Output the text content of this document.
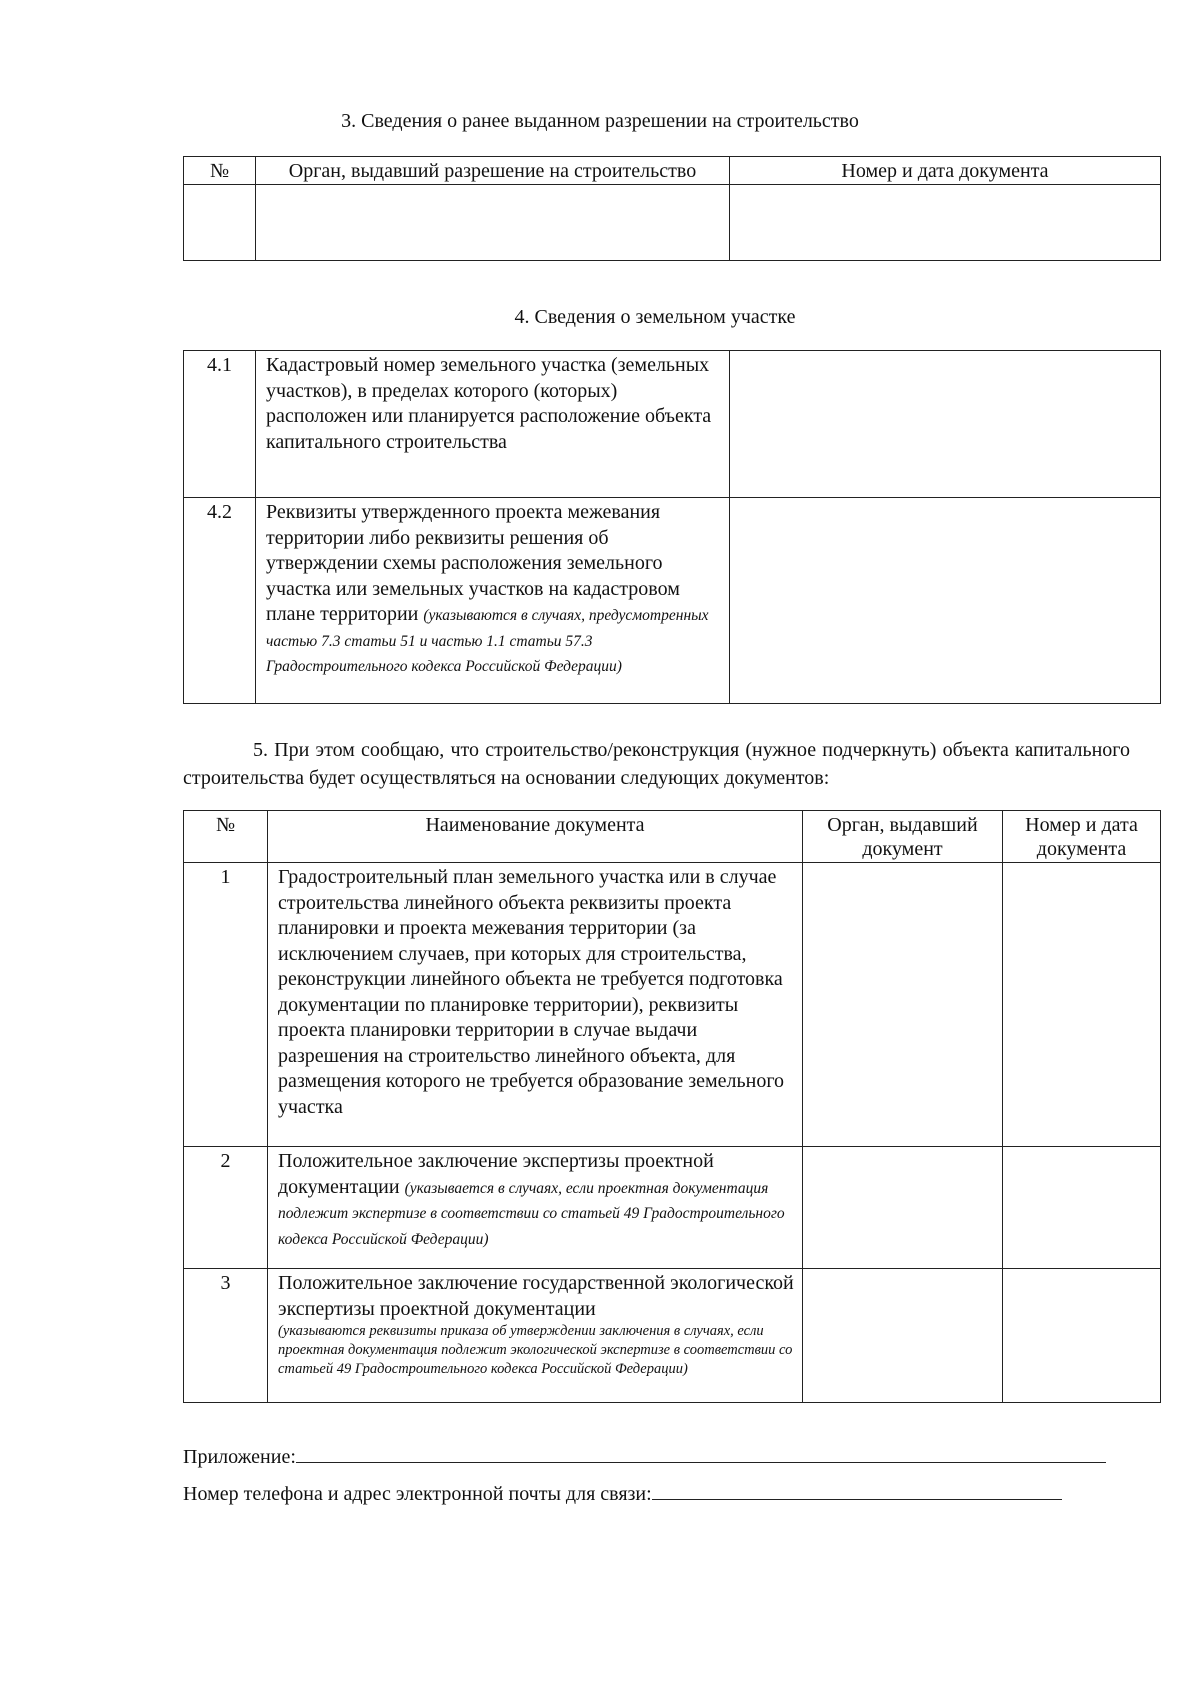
3. Сведения о ранее выданном разрешении на строительство
№	Орган, выдавший разрешение на строительство	Номер и дата документа

4. Сведения о земельном участке
4.1	Кадастровый номер земельного участка (земельных участков), в пределах которого (которых) расположен или планируется расположение объекта капитального строительства	
4.2	Реквизиты утвержденного проекта межевания территории либо реквизиты решения об утверждении схемы расположения земельного участка или земельных участков на кадастровом плане территории (указываются в случаях, предусмотренных частью 7.3 статьи 51 и частью 1.1 статьи 57.3 Градостроительного кодекса Российской Федерации)	
5. При этом сообщаю, что строительство/реконструкция (нужное подчеркнуть) объекта капитального строительства будет осуществляться на основании следующих документов:
№	Наименование документа	Орган, выдавший документ	Номер и дата документа
1	Градостроительный план земельного участка или в случае строительства линейного объекта реквизиты проекта планировки и проекта межевания территории (за исключением случаев, при которых для строительства, реконструкции линейного объекта не требуется подготовка документации по планировке территории), реквизиты проекта планировки территории в случае выдачи разрешения на строительство линейного объекта, для размещения которого не требуется образование земельного участка		
2	Положительное заключение экспертизы проектной документации (указывается в случаях, если проектная документация подлежит экспертизе в соответствии со статьей 49 Градостроительного кодекса Российской Федерации)		
3	Положительное заключение государственной экологической экспертизы проектной документации
(указываются реквизиты приказа об утверждении заключения в случаях, если проектная документация подлежит экологической экспертизе в соответствии со статьей 49 Градостроительного кодекса Российской Федерации)		

Приложение:
Номер телефона и адрес электронной почты для связи:
